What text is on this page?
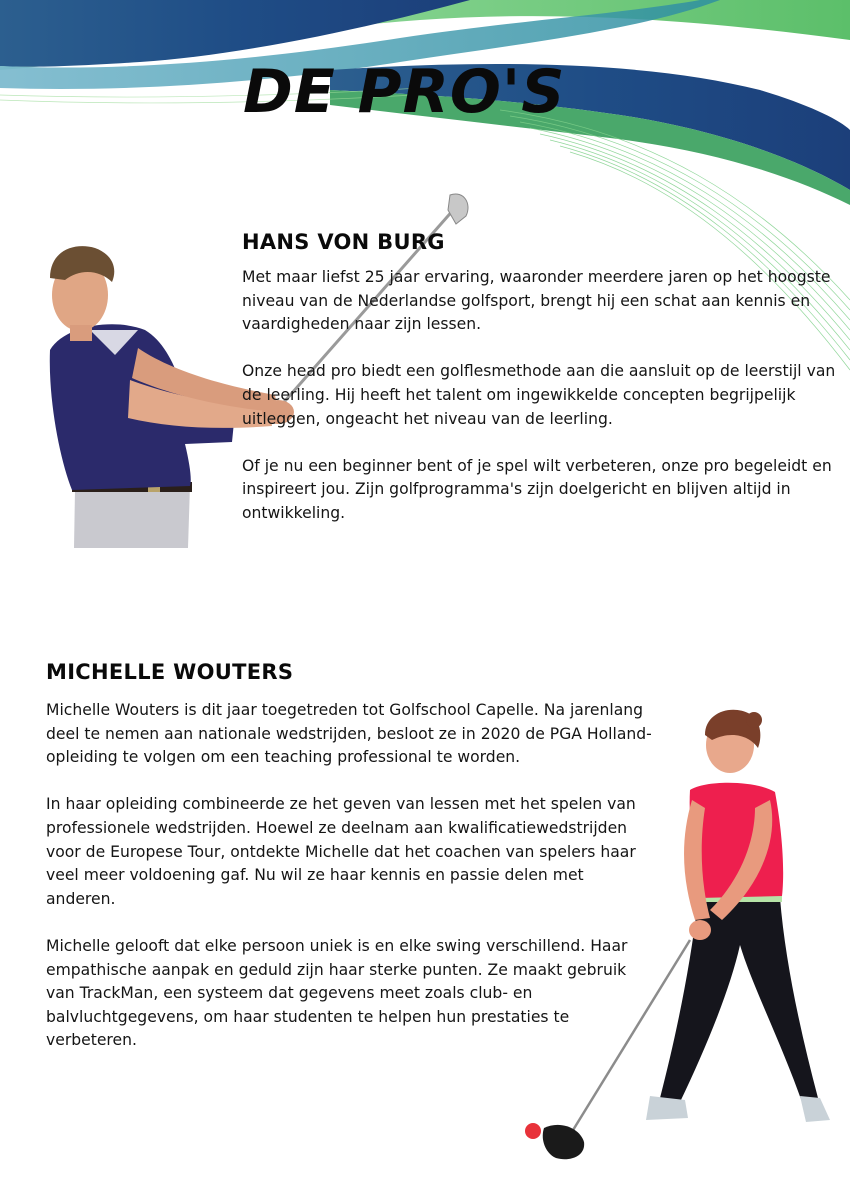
DE PRO'S
HANS VON BURG

Met maar liefst 25 jaar ervaring, waaronder meerdere jaren op het hoogste niveau van de Nederlandse golfsport, brengt hij een schat aan kennis en vaardigheden naar zijn lessen.

Onze head pro biedt een golflesmethode aan die aansluit op de leerstijl van de leerling. Hij heeft het talent om ingewikkelde concepten begrijpelijk uitleggen, ongeacht het niveau van de leerling.

Of je nu een beginner bent of je spel wilt verbeteren, onze pro begeleidt en inspireert jou. Zijn golfprogramma's zijn doelgericht en blijven altijd in ontwikkeling.

MICHELLE WOUTERS

Michelle Wouters is dit jaar toegetreden tot Golfschool Capelle. Na jarenlang deel te nemen aan nationale wedstrijden, besloot ze in 2020 de PGA Holland-opleiding te volgen om een teaching professional te worden.

In haar opleiding combineerde ze het geven van lessen met het spelen van professionele wedstrijden. Hoewel ze deelnam aan kwalificatiewedstrijden voor de Europese Tour, ontdekte Michelle dat het coachen van spelers haar veel meer voldoening gaf. Nu wil ze haar kennis en passie delen met anderen.

Michelle gelooft dat elke persoon uniek is en elke swing verschillend. Haar empathische aanpak en geduld zijn haar sterke punten. Ze maakt gebruik van TrackMan, een systeem dat gegevens meet zoals club- en balvluchtgegevens, om haar studenten te helpen hun prestaties te verbeteren.
